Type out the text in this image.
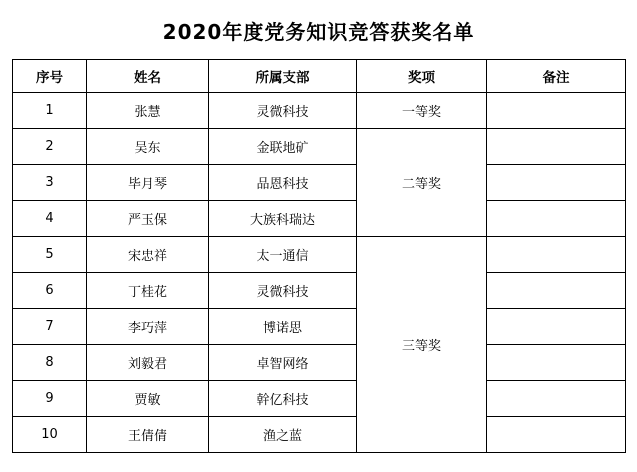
2020年度党务知识竞答获奖名单
序号	姓名	所属支部	奖项	备注
1	张慧	灵微科技	一等奖	
2	吴东	金联地矿	二等奖	
3	毕月琴	品恩科技		
4	严玉保	大族科瑞达		
5	宋忠祥	太一通信	三等奖	
6	丁桂花	灵微科技		
7	李巧萍	博诺思		
8	刘毅君	卓智网络		
9	贾敏	幹亿科技		
10	王倩倩	渔之蓝		
